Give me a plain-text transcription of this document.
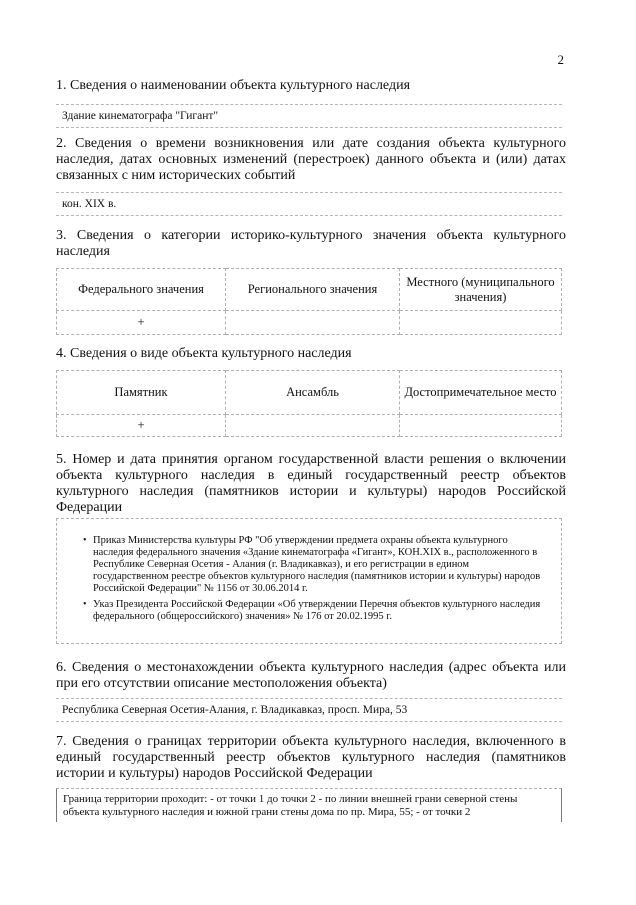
2
1. Сведения о наименовании объекта культурного наследия
Здание кинематографа "Гигант"
2. Сведения о времени возникновения или дате создания объекта культурного наследия, датах основных изменений (перестроек) данного объекта и (или) датах связанных с ним исторических событий
кон. XIX в.
3. Сведения о категории историко-культурного значения объекта культурного наследия
Федерального значения	Регионального значения	Местного (муниципального значения)
+		
4. Сведения о виде объекта культурного наследия
Памятник	Ансамбль	Достопримечательное место
+		
5. Номер и дата принятия органом государственной власти решения о включении объекта культурного наследия в единый государственный реестр объектов культурного наследия (памятников истории и культуры) народов Российской Федерации
• Приказ Министерства культуры РФ "Об утверждении предмета охраны объекта культурного наследия федерального значения «Здание кинематографа «Гигант», КОН.XIX в., расположенного в Республике Северная Осетия - Алания (г. Владикавказ), и его регистрации в едином государственном реестре объектов культурного наследия (памятников истории и культуры) народов Российской Федерации" № 1156 от 30.06.2014 г.
• Указ Президента Российской Федерации «Об утверждении Перечня объектов культурного наследия федерального (общероссийского) значения» № 176 от 20.02.1995 г.
6. Сведения о местонахождении объекта культурного наследия (адрес объекта или при его отсутствии описание местоположения объекта)
Республика Северная Осетия-Алания, г. Владикавказ, просп. Мира, 53
7. Сведения о границах территории объекта культурного наследия, включенного в единый государственный реестр объектов культурного наследия (памятников истории и культуры) народов Российской Федерации
Граница территории проходит: - от точки 1 до точки 2 - по линии внешней грани северной стены объекта культурного наследия и южной грани стены дома по пр. Мира, 55; - от точки 2
